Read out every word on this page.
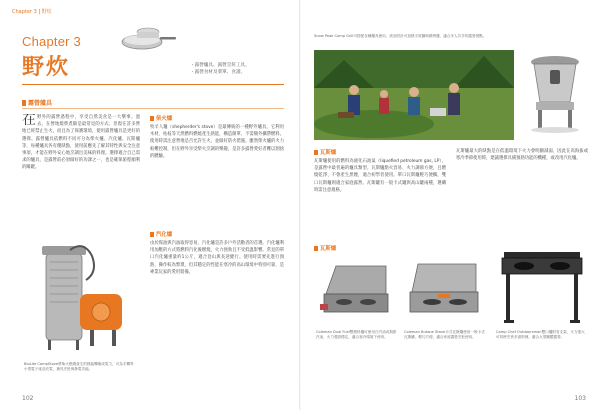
Chapter 3 | 野炊
Chapter 3
野炊	・露營爐具、露營烹飪工具、
・露營食材及菜單、食譜。
露營爐具
在野外的露營過程中，享受自然美食是一大樂事。過去，在營地燒柴煮飯是最常見的方式；但現在許多營地已經禁止生火，而且為了保護環境，使用露營爐具是更好的選擇。露營爐具依燃料不同可分為柴火爐、汽化爐、瓦斯爐等，每種爐具各有優缺點，使用前應先了解其特性與安全注意事項，才能在野外安心地烹調出美味的料理。選擇適合自己需求的爐具，是露營前必須做好的功課之一，也是確保旅程順利的關鍵。
柴火爐
牧羊人爐（shepherder's stove）是最傳統的一種野外爐具，它利用木材、枯枝等天然燃料燃燒產生熱能，構造簡單，不需額外攜帶燃料。使用時需注意營地是否允許生火，並做好防火措施。雖然柴火爐的火力較難控制，但在野外享受柴火烹調的樂趣，是許多露營愛好者難以割捨的體驗。
汽化爐
由於煤油與汽油取得容易，汽化爐是許多戶外活動者的首選。汽化爐利用加壓的方式將燃料汽化後燃燒，火力強勁且不受低溫影響。常見的單口汽化爐重量約1公斤，適合登山與長途健行。使用時需要先進行預熱，操作較為繁瑣，但其穩定的性能在寒冷的高山環境中特別可靠，是專業玩家的愛用裝備。
BioLite CampStove將柴火燃燒產生的熱能轉換成電力，可為手機等小型電子產品充電，兼具烹飪與發電功能。
102
Snow Peak Camp Grill可搭配各種爐具使用，底部設計可加熱平底鍋與燒烤盤，適合多人共享的露營餐點。
瓦斯爐
瓦斯爐使用的燃料為液化石油氣（liquefied petroleum gas, LP），是露營中最普遍的爐具類型。瓦斯爐點火容易、火力調節方便，且燃燒乾淨、不會產生黑煙，適合初學者使用。單口瓦斯爐輕巧便攜，雙口瓦斯爐則適合家庭露營。瓦斯罐有一般卡式罐與高山罐兩種，選購時需注意規格。
瓦斯爐最大的缺點是在低溫環境下火力會明顯減弱，因此在高海拔或寒冷季節使用時，建議選擇具備預熱功能的機種，或改用汽化爐。
瓦斯爐
Coleman Dual Fuel雙燃料爐可使用白汽油或無鉛汽油，火力強勁穩定，適合寒冷環境下使用。
Coleman Butane Stove卡式瓦斯爐使用一般卡式瓦斯罐，輕巧方便，適合家庭露營烹飪使用。
Camp Chef Outdoorsman雙口爐附有支架，火力強大可同時烹煮多道料理，適合大型團體露營。
103
